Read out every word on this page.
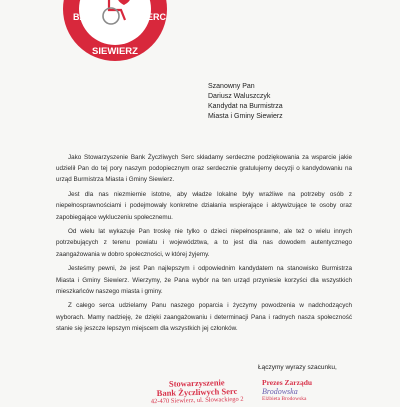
BAN	SERC
SIEWIERZ
Szanowny Pan
Dariusz Waluszczyk
Kandydat na Burmistrza
Miasta i Gminy Siewierz

Jako Stowarzyszenie Bank Życzliwych Serc składamy serdeczne podziękowania za wsparcie jakie udzielił Pan do tej pory naszym podopiecznym oraz serdecznie gratulujemy decyzji o kandydowaniu na urząd Burmistrza Miasta i Gminy Siewierz.

Jest dla nas niezmiernie istotne, aby władze lokalne były wrażliwe na potrzeby osób z niepełnosprawnościami i podejmowały konkretne działania wspierające i aktywizujące te osoby oraz zapobiegające wykluczeniu społecznemu.

Od wielu lat wykazuje Pan troskę nie tylko o dzieci niepełnosprawne, ale też o wielu innych potrzebujących z terenu powiatu i województwa, a to jest dla nas dowodem autentycznego zaangażowania w dobro społeczności, w której żyjemy.

Jesteśmy pewni, że jest Pan najlepszym i odpowiednim kandydatem na stanowisko Burmistrza Miasta i Gminy Siewierz. Wierzymy, że Pana wybór na ten urząd przyniesie korzyści dla wszystkich mieszkańców naszego miasta i gminy.

Z całego serca udzielamy Panu naszego poparcia i życzymy powodzenia w nadchodzących wyborach. Mamy nadzieję, że dzięki zaangażowaniu i determinacji Pana i radnych nasza społeczność stanie się jeszcze lepszym miejscem dla wszystkich jej członków.

Łączymy wyrazy szacunku,
Stowarzyszenie
Bank Życzliwych Serc
42-470 Siewierz, ul. Słowackiego 2
Prezes Zarządu
Brodowska
Elżbieta Brodowska
